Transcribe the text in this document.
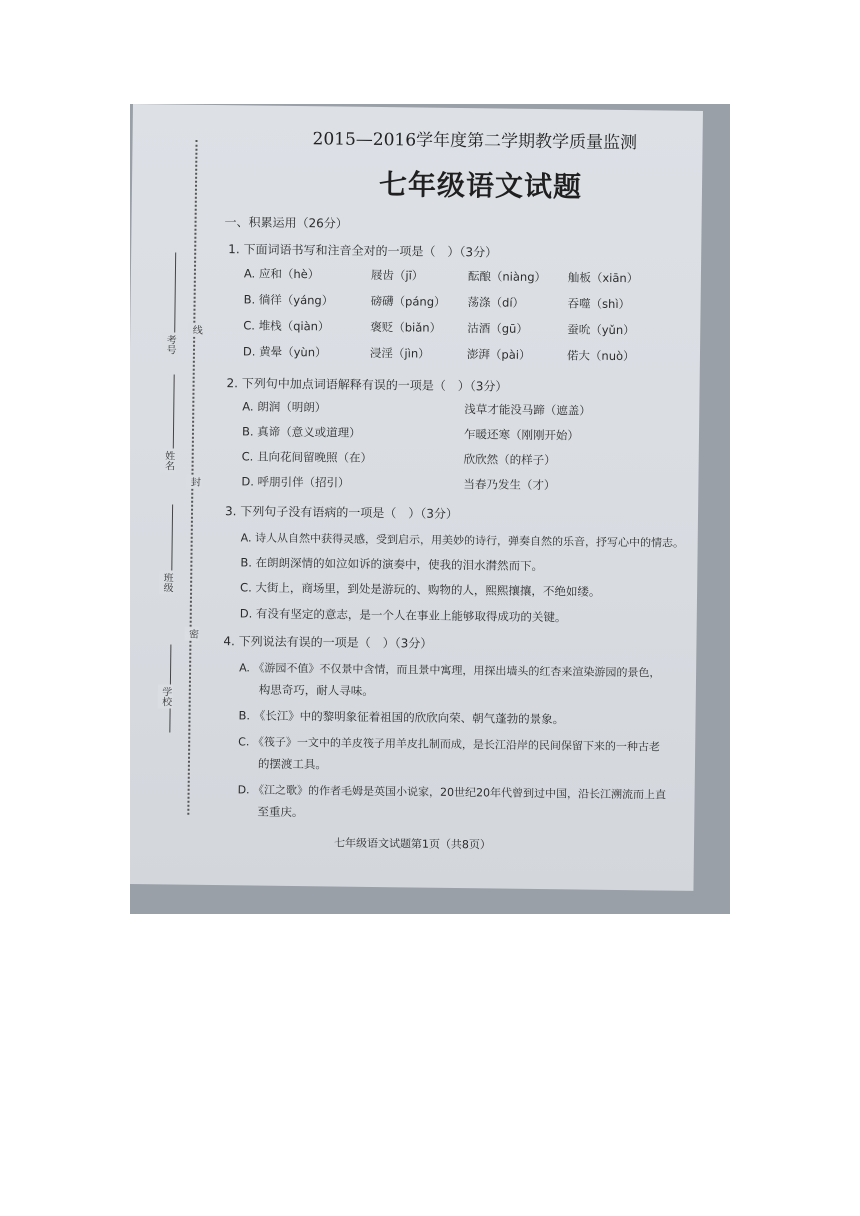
考号
姓名
班级
学校
线
封
密
2015—2016学年度第二学期教学质量监测
七年级语文试题
一、积累运用（26分）
1. 下面词语书写和注音全对的一项是（　）（3分）
A. 应和（hè）	屐齿（jī）	酝酿（niàng） 舢板（xiān）
B. 徜徉（yáng）	磅礴（páng） 荡涤（dí）	吞噬（shì）
C. 堆栈（qiàn）	褒贬（biǎn） 沽酒（gū）	蚕吮（yǔn）
D. 黄晕（yùn）	浸淫（jìn）	澎湃（pài）	偌大（nuò）
2. 下列句中加点词语解释有误的一项是（　）（3分）
A. 朗润（明朗）	浅草才能没马蹄（遮盖）
B. 真谛（意义或道理）	乍暖还寒（刚刚开始）
C. 且向花间留晚照（在）	欣欣然（的样子）
D. 呼朋引伴（招引）	当春乃发生（才）
3. 下列句子没有语病的一项是（　）（3分）
A. 诗人从自然中获得灵感，受到启示，用美妙的诗行，弹奏自然的乐音，抒写心中的情志。
B. 在朗朗深情的如泣如诉的演奏中，使我的泪水潸然而下。
C. 大街上，商场里，到处是游玩的、购物的人，熙熙攘攘，不绝如缕。
D. 有没有坚定的意志，是一个人在事业上能够取得成功的关键。
4. 下列说法有误的一项是（　）（3分）
A. 《游园不值》不仅景中含情，而且景中寓理，用探出墙头的红杏来渲染游园的景色，
构思奇巧，耐人寻味。
B. 《长江》中的黎明象征着祖国的欣欣向荣、朝气蓬勃的景象。
C. 《筏子》一文中的羊皮筏子用羊皮扎制而成，是长江沿岸的民间保留下来的一种古老
的摆渡工具。
D. 《江之歌》的作者毛姆是英国小说家，20世纪20年代曾到过中国，沿长江溯流而上直
至重庆。
七年级语文试题第1页（共8页）
